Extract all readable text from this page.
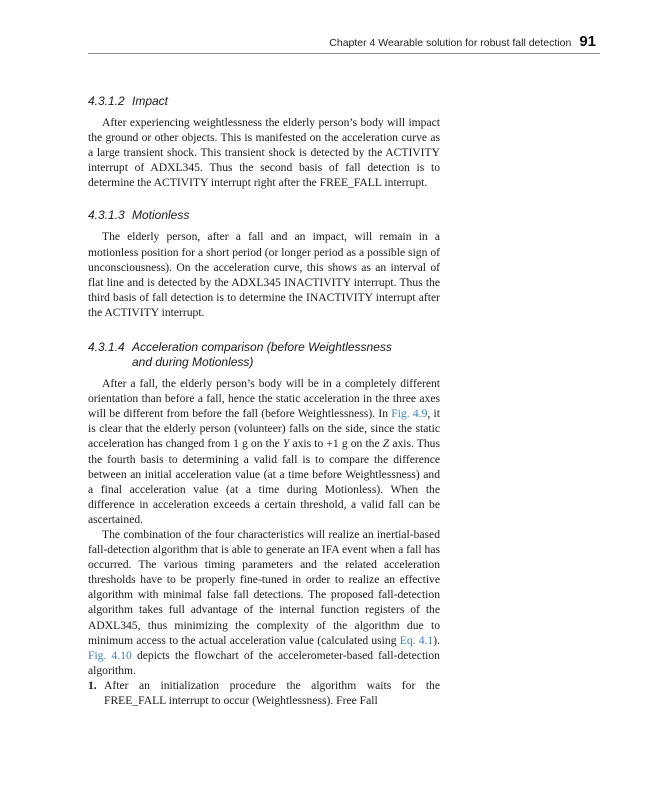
Chapter 4 Wearable solution for robust fall detection 91
4.3.1.2 Impact

After experiencing weightlessness the elderly person’s body will impact the ground or other objects. This is manifested on the acceleration curve as a large transient shock. This transient shock is detected by the ACTIVITY interrupt of ADXL345. Thus the second basis of fall detection is to determine the ACTIVITY interrupt right after the FREE_FALL interrupt.

4.3.1.3 Motionless

The elderly person, after a fall and an impact, will remain in a motionless position for a short period (or longer period as a possible sign of unconsciousness). On the acceleration curve, this shows as an interval of flat line and is detected by the ADXL345 INACTIVITY interrupt. Thus the third basis of fall detection is to determine the INACTIVITY interrupt after the ACTIVITY interrupt.

4.3.1.4 Acceleration comparison (before Weightlessness
and during Motionless)

After a fall, the elderly person’s body will be in a completely different orientation than before a fall, hence the static acceleration in the three axes will be different from before the fall (before Weightlessness). In Fig. 4.9, it is clear that the elderly person (volunteer) falls on the side, since the static acceleration has changed from 1 g on the Y axis to +1 g on the Z axis. Thus the fourth basis to determining a valid fall is to compare the difference between an initial acceleration value (at a time before Weightlessness) and a final acceleration value (at a time during Motionless). When the difference in acceleration exceeds a certain threshold, a valid fall can be ascertained.

The combination of the four characteristics will realize an inertial-based fall-detection algorithm that is able to generate an IFA event when a fall has occurred. The various timing parameters and the related acceleration thresholds have to be properly fine-tuned in order to realize an effective algorithm with minimal false fall detections. The proposed fall-detection algorithm takes full advantage of the internal function registers of the ADXL345, thus minimizing the complexity of the algorithm due to minimum access to the actual acceleration value (calculated using Eq. 4.1). Fig. 4.10 depicts the flowchart of the accelerometer-based fall-detection algorithm.

1. After an initialization procedure the algorithm waits for the FREE_FALL interrupt to occur (Weightlessness). Free Fall
